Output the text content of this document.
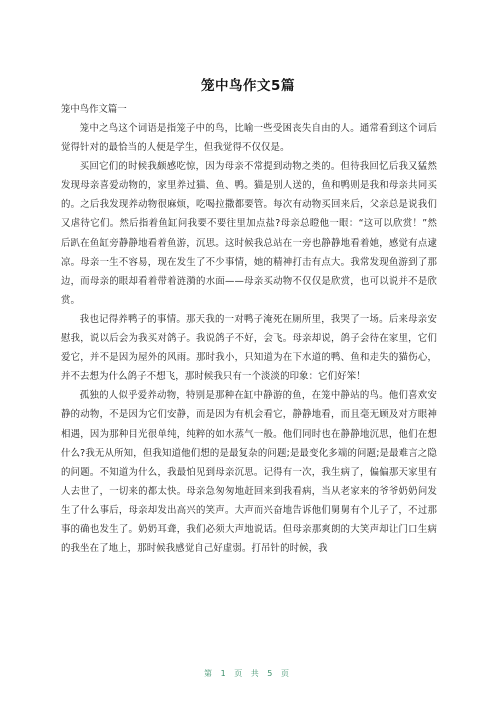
笼中鸟作文5篇
笼中鸟作文篇一

笼中之鸟这个词语是指笼子中的鸟，比喻一些受困丧失自由的人。通常看到这个词后觉得针对的最恰当的人便是学生，但我觉得不仅仅是。

买回它们的时候我颇感吃惊，因为母亲不常提到动物之类的。但待我回忆后我又猛然发现母亲喜爱动物的，家里养过猫、鱼、鸭。猫是别人送的，鱼和鸭则是我和母亲共同买的。之后我发现养动物很麻烦，吃喝拉撒都要管。每次有动物买回来后，父亲总是说我们又虐待它们。然后指着鱼缸问我要不要往里加点盐?母亲总瞪他一眼：“这可以欣赏！”然后趴在鱼缸旁静静地看着鱼游，沉思。这时候我总站在一旁也静静地看着她，感觉有点逮凉。母亲一生不容易，现在发生了不少事情，她的精神打击有点大。我常发现鱼游到了那边，而母亲的眼却看着带着涟漪的水面——母亲买动物不仅仅是欣赏，也可以说并不是欣赏。

我也记得养鸭子的事情。那天我的一对鸭子淹死在厕所里，我哭了一场。后来母亲安慰我，说以后会为我买对鸽子。我说鸽子不好，会飞。母亲却说，鸽子会待在家里，它们爱它，并不是因为屋外的风雨。那时我小，只知道为在下水道的鸭、鱼和走失的猫伤心，并不去想为什么鸽子不想飞，那时候我只有一个淡淡的印象：它们好笨！

孤独的人似乎爱养动物，特别是那种在缸中静游的鱼，在笼中静站的鸟。他们喜欢安静的动物，不是因为它们安静，而是因为有机会看它，静静地看，而且毫无顾及对方眼神相遇，因为那种目光很单纯，纯粹的如水蒸气一般。他们同时也在静静地沉思，他们在想什么?我无从所知，但我知道他们想的是最复杂的问题;是最变化多端的问题;是最难言之隐的问题。不知道为什么，我最怕见到母亲沉思。记得有一次，我生病了，偏偏那天家里有人去世了，一切来的都太快。母亲急匆匆地赶回来到我看病，当从老家来的爷爷奶奶问发生了什么事后，母亲却发出高兴的笑声。大声而兴奋地告诉他们舅舅有个儿子了，不过那事的确也发生了。奶奶耳聋，我们必须大声地说话。但母亲那爽朗的大笑声却让门口生病的我坐在了地上，那时候我感觉自己好虚弱。打吊针的时候，我

第 1 页 共 5 页
